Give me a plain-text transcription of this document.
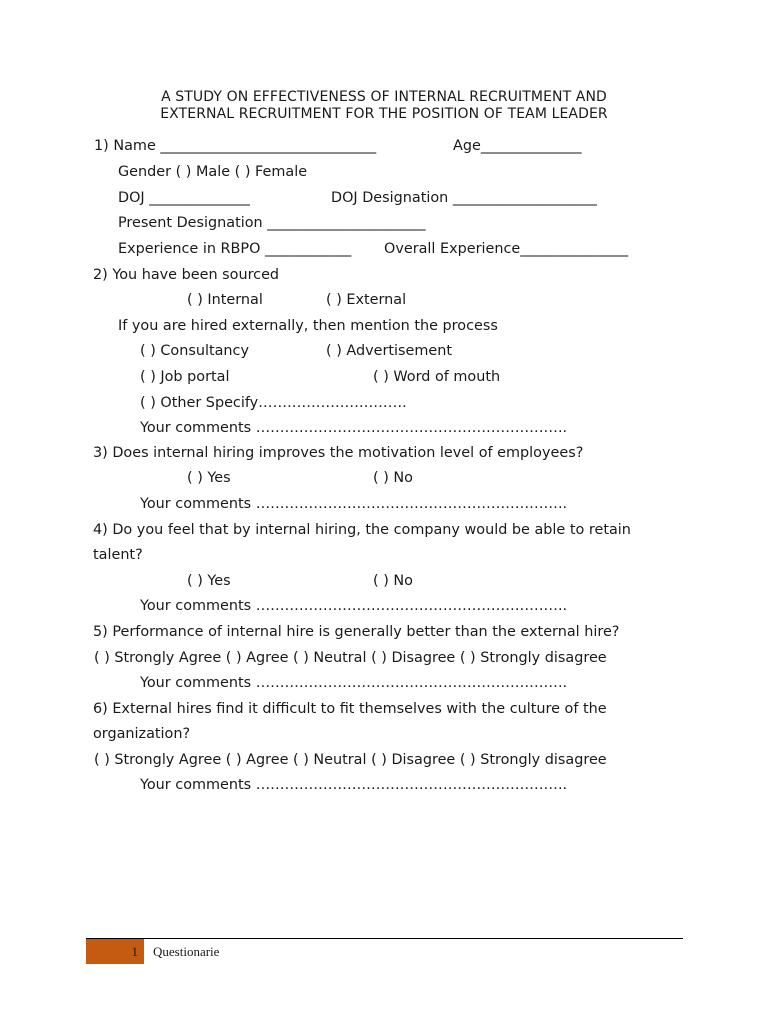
A STUDY ON EFFECTIVENESS OF INTERNAL RECRUITMENT AND
EXTERNAL RECRUITMENT FOR THE POSITION OF TEAM LEADER
1) Name ______________________________	Age______________
Gender ( ) Male ( ) Female
DOJ ______________	DOJ Designation ____________________
Present Designation ______________________
Experience in RBPO ____________ Overall Experience_______________
2) You have been sourced
( ) Internal	( ) External
If you are hired externally, then mention the process
( ) Consultancy	( ) Advertisement
( ) Job portal	( ) Word of mouth
( ) Other Specify………………………….
Your comments ………………………………………………………..
3) Does internal hiring improves the motivation level of employees?
( ) Yes	( ) No
Your comments ………………………………………………………..
4) Do you feel that by internal hiring, the company would be able to retain
talent?
( ) Yes	( ) No
Your comments ………………………………………………………..
5) Performance of internal hire is generally better than the external hire?
( ) Strongly Agree ( ) Agree ( ) Neutral ( ) Disagree ( ) Strongly disagree
Your comments ………………………………………………………..
6) External hires find it difficult to fit themselves with the culture of the
organization?
( ) Strongly Agree ( ) Agree ( ) Neutral ( ) Disagree ( ) Strongly disagree
Your comments ………………………………………………………..
1 Questionarie
